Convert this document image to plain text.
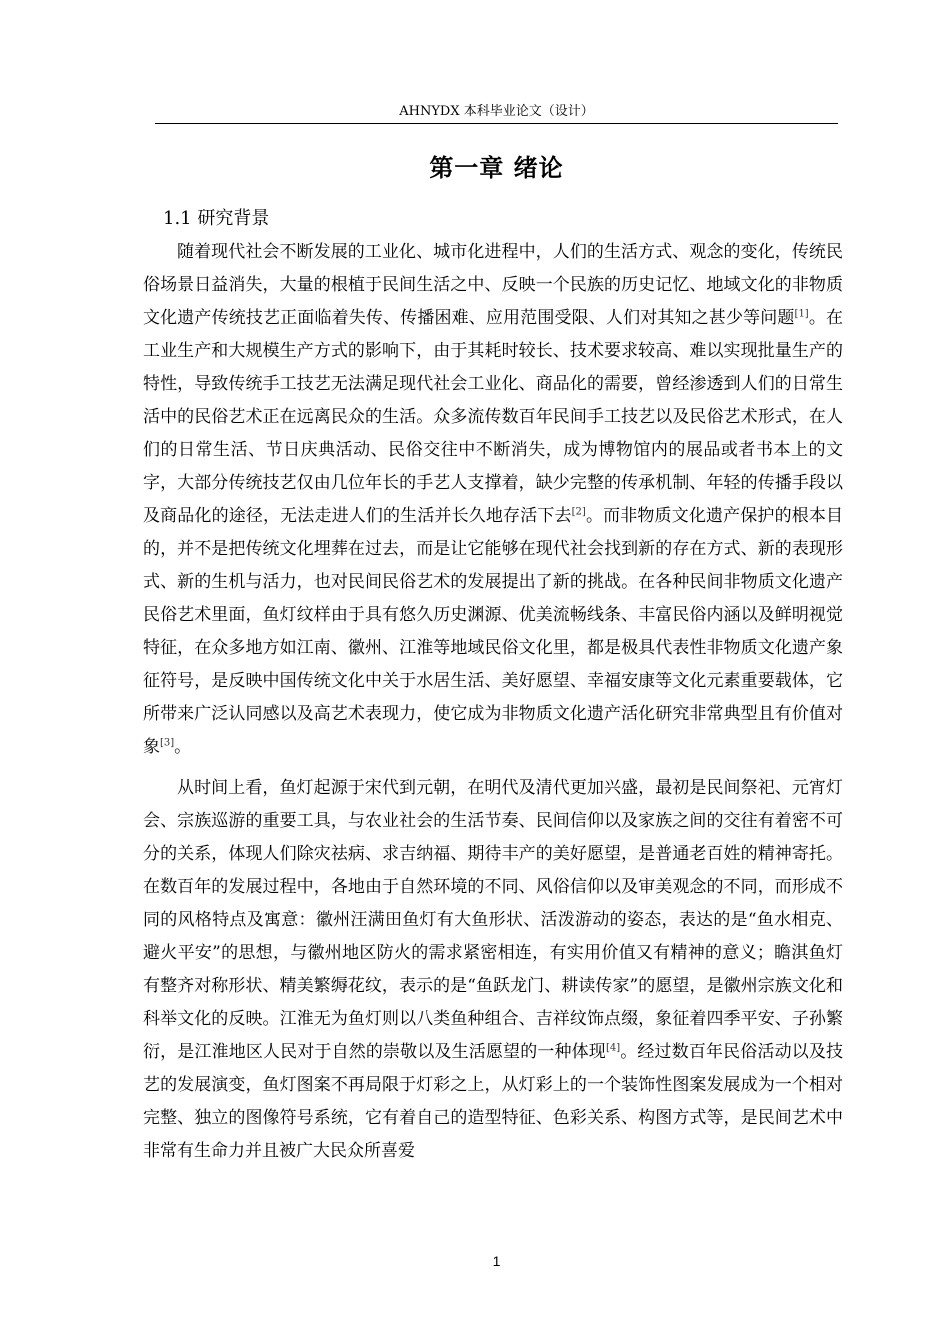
AHNYDX 本科毕业论文（设计）
第一章 绪论
1.1 研究背景

随着现代社会不断发展的工业化、城市化进程中，人们的生活方式、观念的变化，传统民俗场景日益消失，大量的根植于民间生活之中、反映一个民族的历史记忆、地域文化的非物质文化遗产传统技艺正面临着失传、传播困难、应用范围受限、人们对其知之甚少等问题[1]。在工业生产和大规模生产方式的影响下，由于其耗时较长、技术要求较高、难以实现批量生产的特性，导致传统手工技艺无法满足现代社会工业化、商品化的需要，曾经渗透到人们的日常生活中的民俗艺术正在远离民众的生活。众多流传数百年民间手工技艺以及民俗艺术形式，在人们的日常生活、节日庆典活动、民俗交往中不断消失，成为博物馆内的展品或者书本上的文字，大部分传统技艺仅由几位年长的手艺人支撑着，缺少完整的传承机制、年轻的传播手段以及商品化的途径，无法走进人们的生活并长久地存活下去[2]。而非物质文化遗产保护的根本目的，并不是把传统文化埋葬在过去，而是让它能够在现代社会找到新的存在方式、新的表现形式、新的生机与活力，也对民间民俗艺术的发展提出了新的挑战。在各种民间非物质文化遗产民俗艺术里面，鱼灯纹样由于具有悠久历史渊源、优美流畅线条、丰富民俗内涵以及鲜明视觉特征，在众多地方如江南、徽州、江淮等地域民俗文化里，都是极具代表性非物质文化遗产象征符号，是反映中国传统文化中关于水居生活、美好愿望、幸福安康等文化元素重要载体，它所带来广泛认同感以及高艺术表现力，使它成为非物质文化遗产活化研究非常典型且有价值对象[3]。

从时间上看，鱼灯起源于宋代到元朝，在明代及清代更加兴盛，最初是民间祭祀、元宵灯会、宗族巡游的重要工具，与农业社会的生活节奏、民间信仰以及家族之间的交往有着密不可分的关系，体现人们除灾祛病、求吉纳福、期待丰产的美好愿望，是普通老百姓的精神寄托。在数百年的发展过程中，各地由于自然环境的不同、风俗信仰以及审美观念的不同，而形成不同的风格特点及寓意：徽州汪满田鱼灯有大鱼形状、活泼游动的姿态，表达的是“鱼水相克、避火平安”的思想，与徽州地区防火的需求紧密相连，有实用价值又有精神的意义；瞻淇鱼灯有整齐对称形状、精美繁缛花纹，表示的是“鱼跃龙门、耕读传家”的愿望，是徽州宗族文化和科举文化的反映。江淮无为鱼灯则以八类鱼种组合、吉祥纹饰点缀，象征着四季平安、子孙繁衍，是江淮地区人民对于自然的崇敬以及生活愿望的一种体现[4]。经过数百年民俗活动以及技艺的发展演变，鱼灯图案不再局限于灯彩之上，从灯彩上的一个装饰性图案发展成为一个相对完整、独立的图像符号系统，它有着自己的造型特征、色彩关系、构图方式等，是民间艺术中非常有生命力并且被广大民众所喜爱

1
